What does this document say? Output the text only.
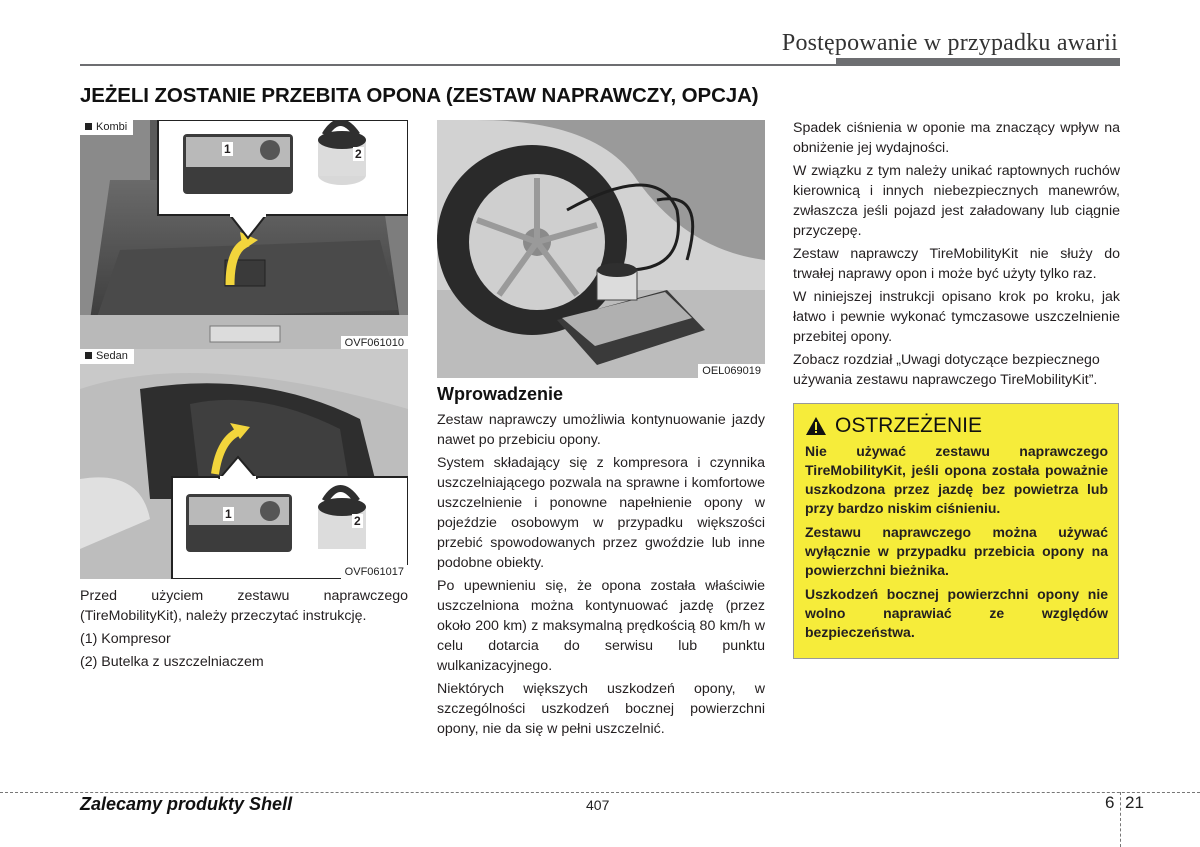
Postępowanie w przypadku awarii
JEŻELI ZOSTANIE PRZEBITA OPONA (ZESTAW NAPRAWCZY, OPCJA)
Kombi
1	2
OVF061010
Sedan
1	2
OVF061017

Przed użyciem zestawu naprawczego (TireMobilityKit), należy przeczytać instrukcję.

(1) Kompresor

(2) Butelka z uszczelniaczem

OEL069019
Wprowadzenie

Zestaw naprawczy umożliwia kontynuowanie jazdy nawet po przebiciu opony.

System składający się z kompresora i czynnika uszczelniającego pozwala na sprawne i komfortowe uszczelnienie i ponowne napełnienie opony w pojeździe osobowym w przypadku większości przebić spowodowanych przez gwoździe lub inne podobne obiekty.

Po upewnieniu się, że opona została właściwie uszczelniona można kontynuować jazdę (przez około 200 km) z maksymalną prędkością 80 km/h w celu dotarcia do serwisu lub punktu wulkanizacyjnego.

Niektórych większych uszkodzeń opony, w szczególności uszkodzeń bocznej powierzchni opony, nie da się w pełni uszczelnić.

Spadek ciśnienia w oponie ma znaczący wpływ na obniżenie jej wydajności.

W związku z tym należy unikać raptownych ruchów kierownicą i innych niebezpiecznych manewrów, zwłaszcza jeśli pojazd jest załadowany lub ciągnie przyczepę.

Zestaw naprawczy TireMobilityKit nie służy do trwałej naprawy opon i może być użyty tylko raz.

W niniejszej instrukcji opisano krok po kroku, jak łatwo i pewnie wykonać tymczasowe uszczelnienie przebitej opony.

Zobacz rozdział „Uwagi dotyczące bezpiecznego używania zestawu naprawczego TireMobilityKit”.

OSTRZEŻENIE

Nie używać zestawu naprawczego TireMobilityKit, jeśli opona została poważnie uszkodzona przez jazdę bez powietrza lub przy bardzo niskim ciśnieniu.

Zestawu naprawczego można używać wyłącznie w przypadku przebicia opony na powierzchni bieżnika.

Uszkodzeń bocznej powierzchni opony nie wolno naprawiać ze względów bezpieczeństwa.

Zalecamy produkty Shell	407	6 21
